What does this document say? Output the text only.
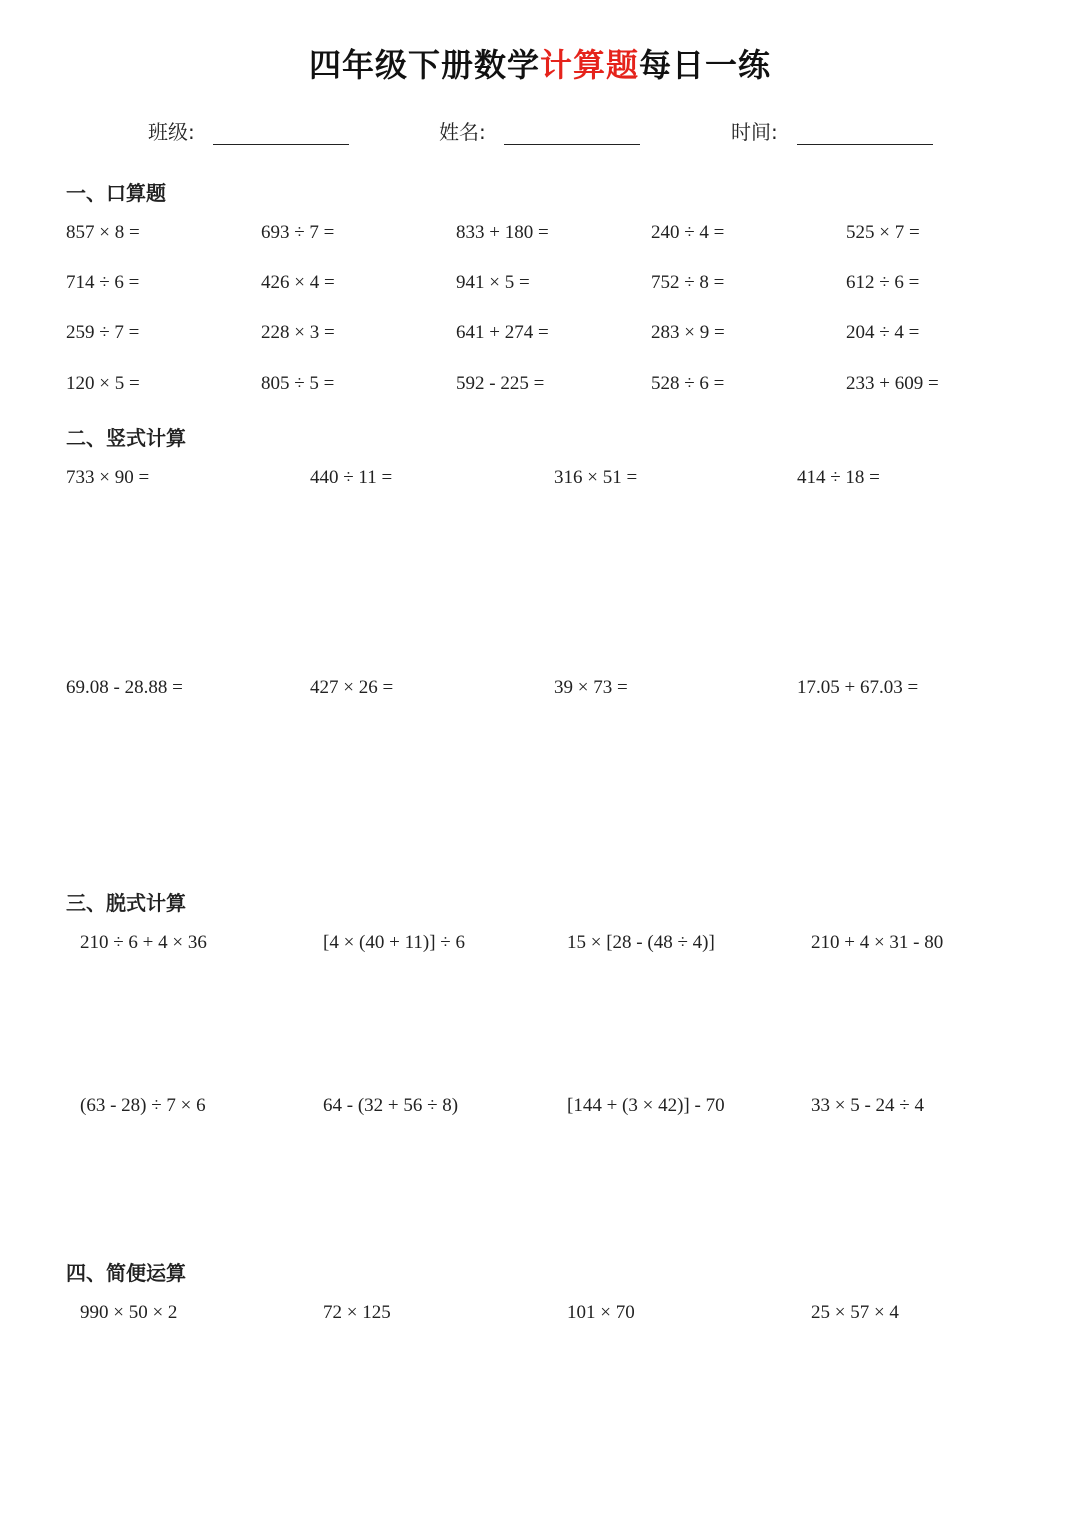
四年级下册数学计算题每日一练
班级:	姓名:	时间:
一、口算题
857 × 8 =	693 ÷ 7 =	833 + 180 =	240 ÷ 4 =	525 × 7 =
714 ÷ 6 =	426 × 4 =	941 × 5 =	752 ÷ 8 =	612 ÷ 6 =
259 ÷ 7 =	228 × 3 =	641 + 274 =	283 × 9 =	204 ÷ 4 =
120 × 5 =	805 ÷ 5 =	592 - 225 =	528 ÷ 6 =	233 + 609 =
二、竖式计算
733 × 90 =	440 ÷ 11 =	316 × 51 =	414 ÷ 18 =
69.08 - 28.88 =	427 × 26 =	39 × 73 =	17.05 + 67.03 =
三、脱式计算
210 ÷ 6 + 4 × 36	[4 × (40 + 11)] ÷ 6	15 × [28 - (48 ÷ 4)]	210 + 4 × 31 - 80
(63 - 28) ÷ 7 × 6	64 - (32 + 56 ÷ 8)	[144 + (3 × 42)] - 70	33 × 5 - 24 ÷ 4
四、简便运算
990 × 50 × 2	72 × 125	101 × 70	25 × 57 × 4
